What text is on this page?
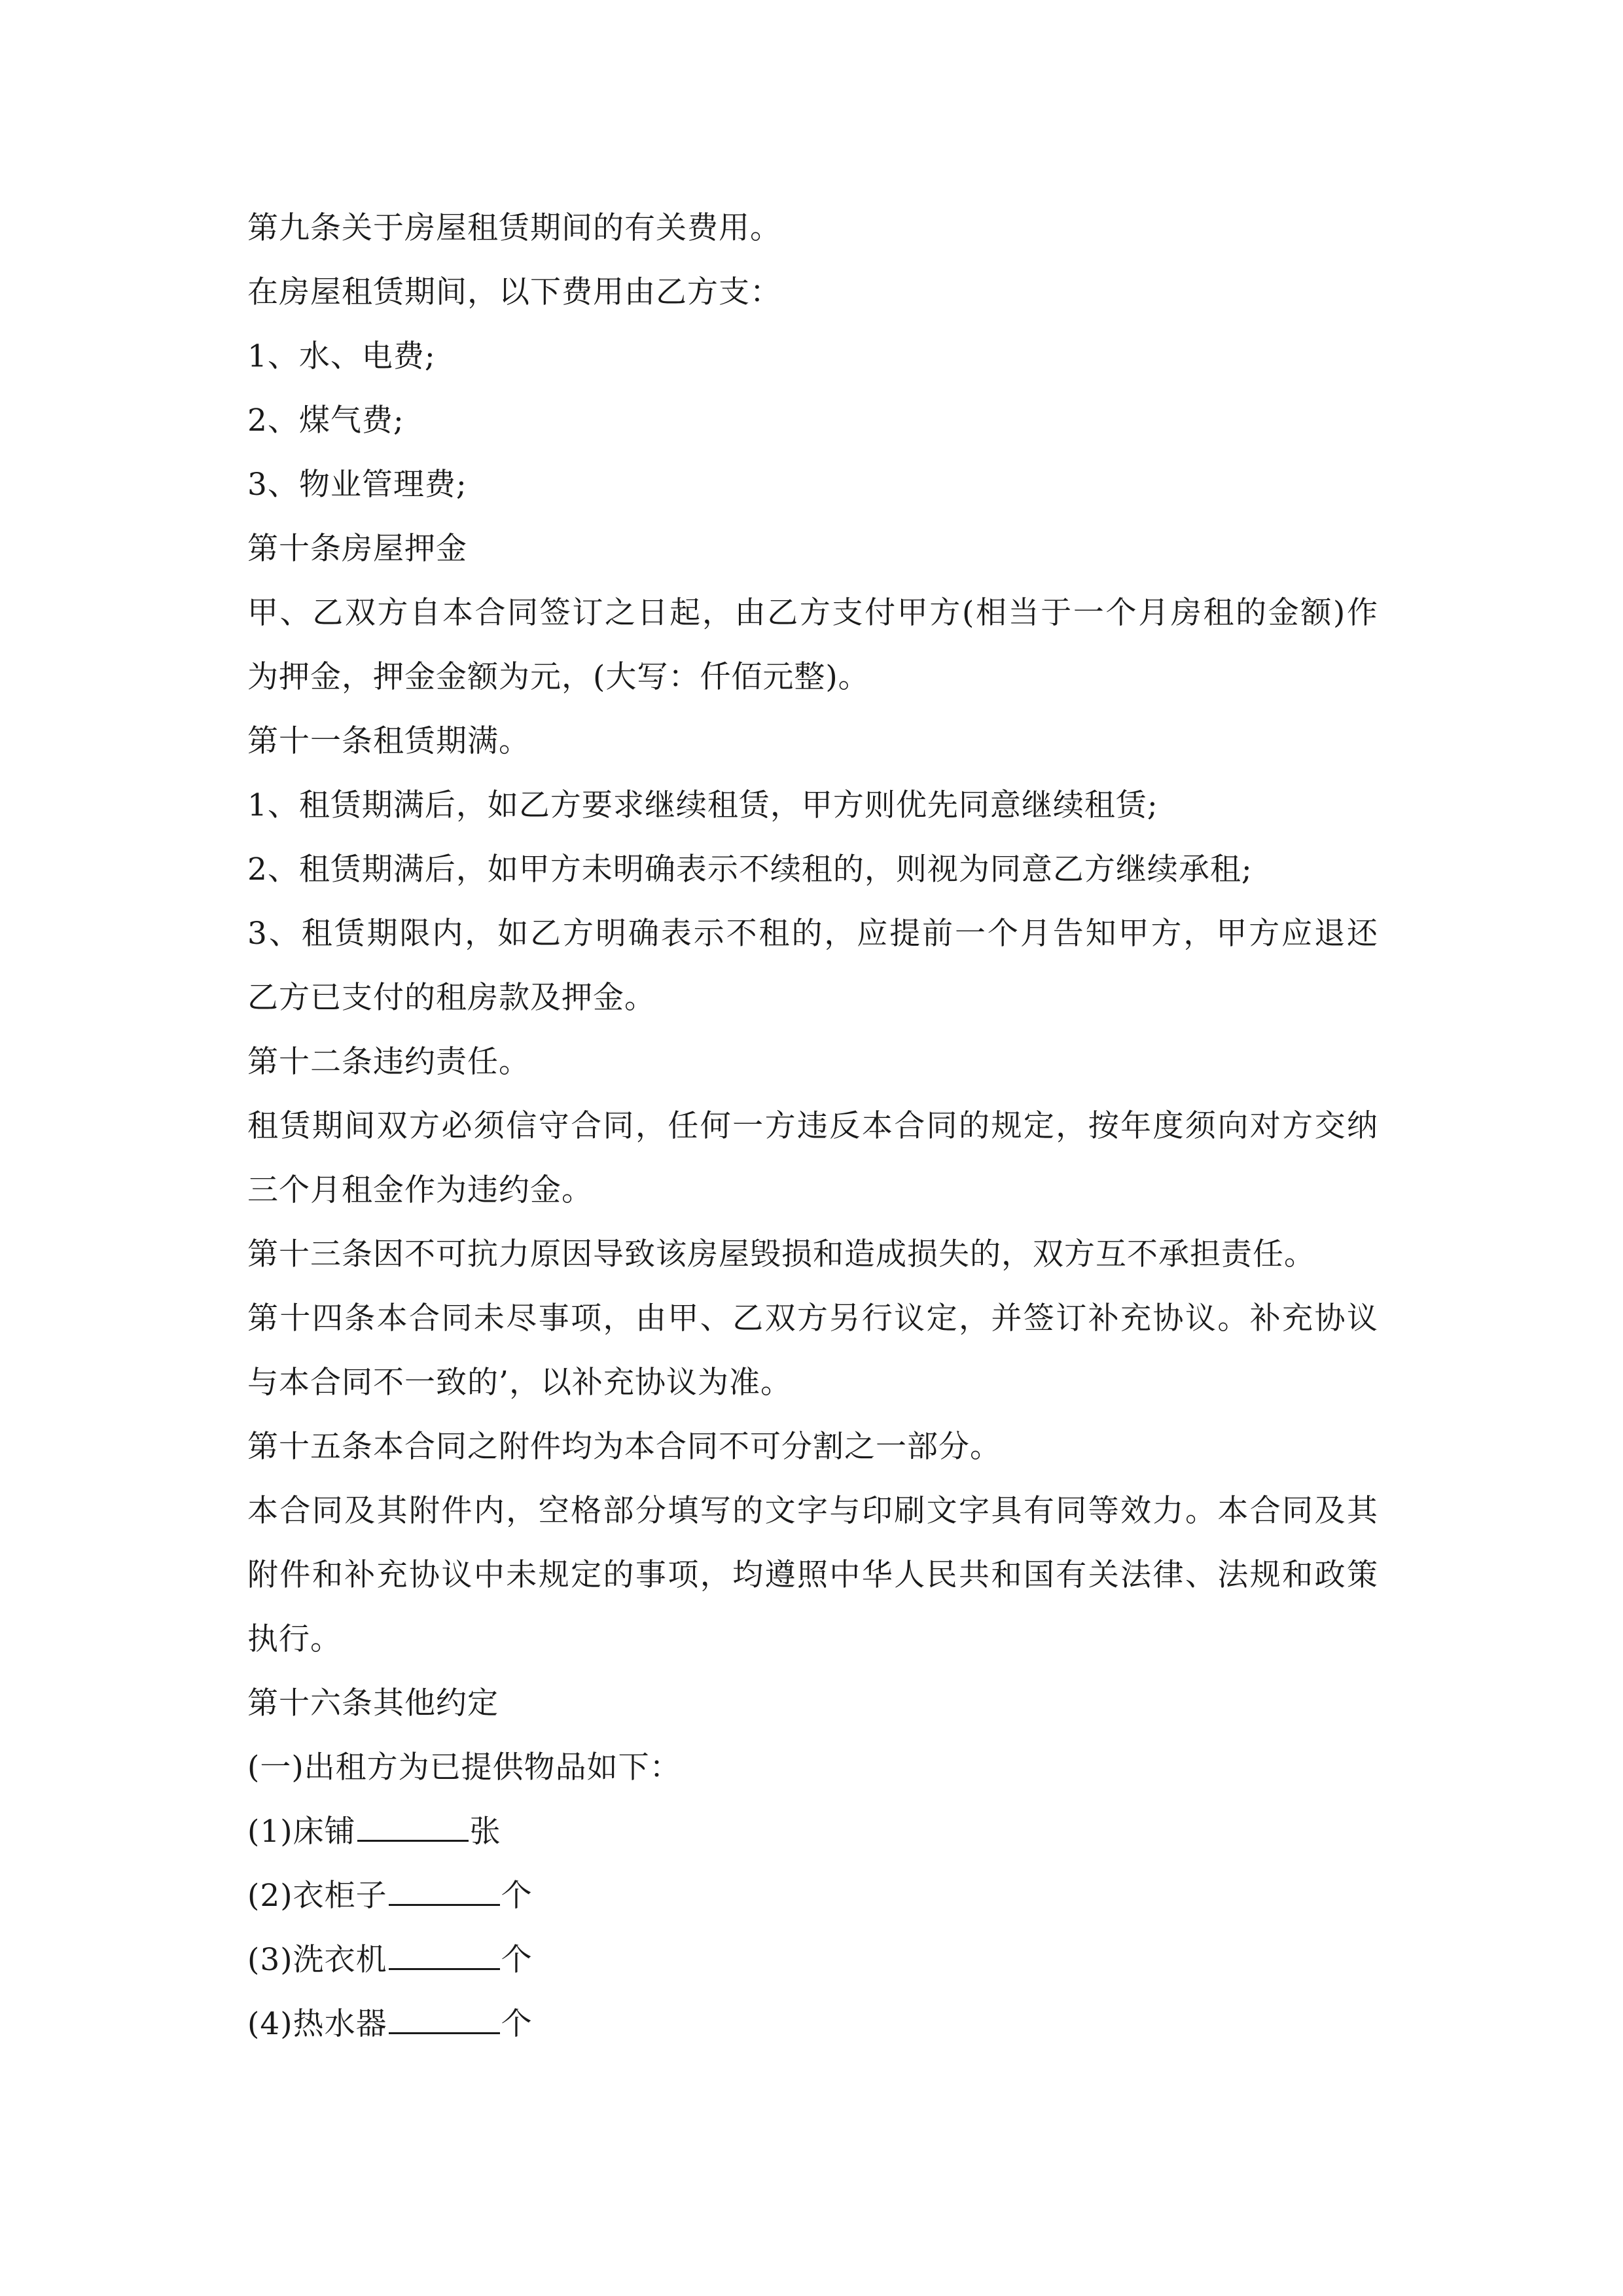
第九条关于房屋租赁期间的有关费用。

在房屋租赁期间，以下费用由乙方支：

1、水、电费;

2、煤气费;

3、物业管理费;

第十条房屋押金

甲、乙双方自本合同签订之日起，由乙方支付甲方(相当于一个月房租的金额)作

为押金，押金金额为元，(大写：仟佰元整)。

第十一条租赁期满。

1、租赁期满后，如乙方要求继续租赁，甲方则优先同意继续租赁;

2、租赁期满后，如甲方未明确表示不续租的，则视为同意乙方继续承租;

3、租赁期限内，如乙方明确表示不租的，应提前一个月告知甲方，甲方应退还

乙方已支付的租房款及押金。

第十二条违约责任。

租赁期间双方必须信守合同，任何一方违反本合同的规定，按年度须向对方交纳

三个月租金作为违约金。

第十三条因不可抗力原因导致该房屋毁损和造成损失的，双方互不承担责任。

第十四条本合同未尽事项，由甲、乙双方另行议定，并签订补充协议。补充协议

与本合同不一致的’，以补充协议为准。

第十五条本合同之附件均为本合同不可分割之一部分。

本合同及其附件内，空格部分填写的文字与印刷文字具有同等效力。本合同及其

附件和补充协议中未规定的事项，均遵照中华人民共和国有关法律、法规和政策

执行。

第十六条其他约定

(一)出租方为已提供物品如下：

(1)床铺	张

(2)衣柜子	个

(3)洗衣机	个

(4)热水器	个
